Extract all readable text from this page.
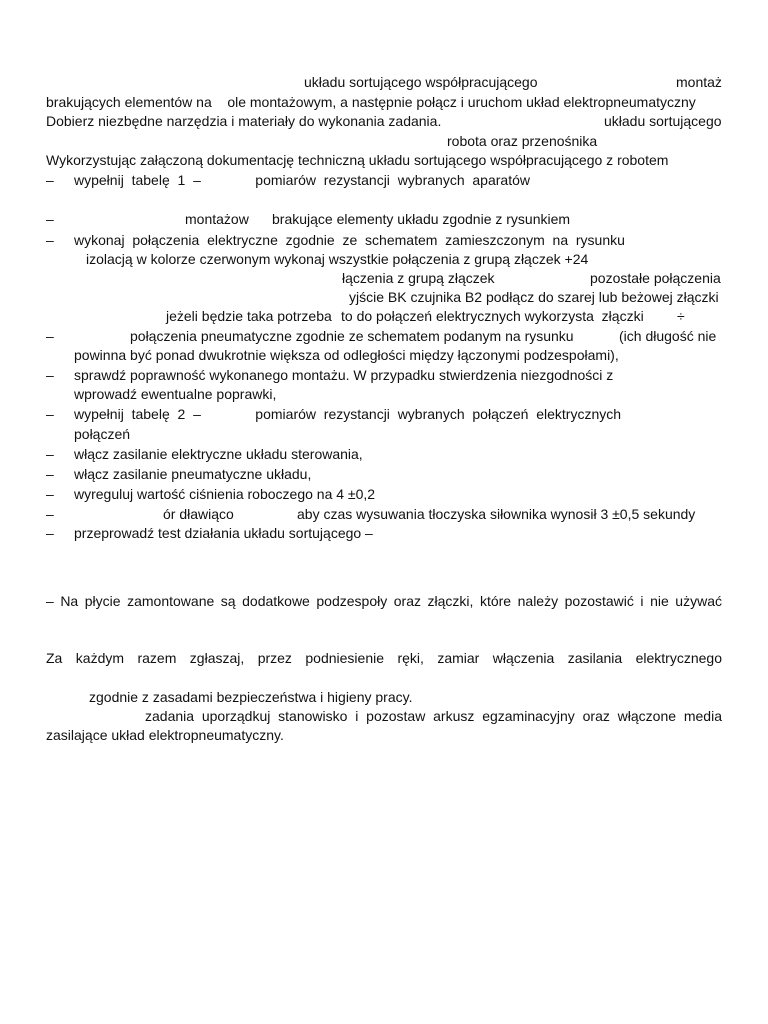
układu sortującego współpracującego	montaż
brakujących elementów na    ole montażowym, a następnie połącz i uruchom układ elektropneumatyczny
Dobierz niezbędne narzędzia i materiały do wykonania zadania.	układu sortującego
robota oraz przenośnika
Wykorzystując załączoną dokumentację techniczną układu sortującego współpracującego z robotem
– wypełnij  tabelę  1  –              pomiarów  rezystancji  wybranych  aparatów
–	montażow brakujące elementy układu zgodnie z rysunkiem
– wykonaj  połączenia  elektryczne  zgodnie  ze  schematem  zamieszczonym  na  rysunku
izolacją w kolorze czerwonym wykonaj wszystkie połączenia z grupą złączek +24
łączenia z grupą złączek	pozostałe połączenia
yjście BK czujnika B2 podłącz do szarej lub beżowej złączki
jeżeli będzie taka potrzeba to do połączeń elektrycznych wykorzysta  złączki ÷
–	połączenia pneumatyczne zgodnie ze schematem podanym na rysunku	(ich długość nie
powinna być ponad dwukrotnie większa od odległości między łączonymi podzespołami),
– sprawdź poprawność wykonanego montażu. W przypadku stwierdzenia niezgodności z
wprowadź ewentualne poprawki,
– wypełnij  tabelę  2  –              pomiarów  rezystancji  wybranych  połączeń  elektrycznych
połączeń
– włącz zasilanie elektryczne układu sterowania,
– włącz zasilanie pneumatyczne układu,
– wyreguluj wartość ciśnienia roboczego na 4 ±0,2
–	ór dławiąco	aby czas wysuwania tłoczyska siłownika wynosił 3 ±0,5 sekundy
– przeprowadź test działania układu sortującego –
– Na płycie zamontowane są dodatkowe podzespoły oraz złączki, które należy pozostawić i nie używać
Za każdym razem zgłaszaj, przez podniesienie ręki, zamiar włączenia zasilania elektrycznego
zgodnie z zasadami bezpieczeństwa i higieny pracy.
zadania uporządkuj stanowisko i pozostaw arkusz egzaminacyjny oraz włączone media
zasilające układ elektropneumatyczny.
